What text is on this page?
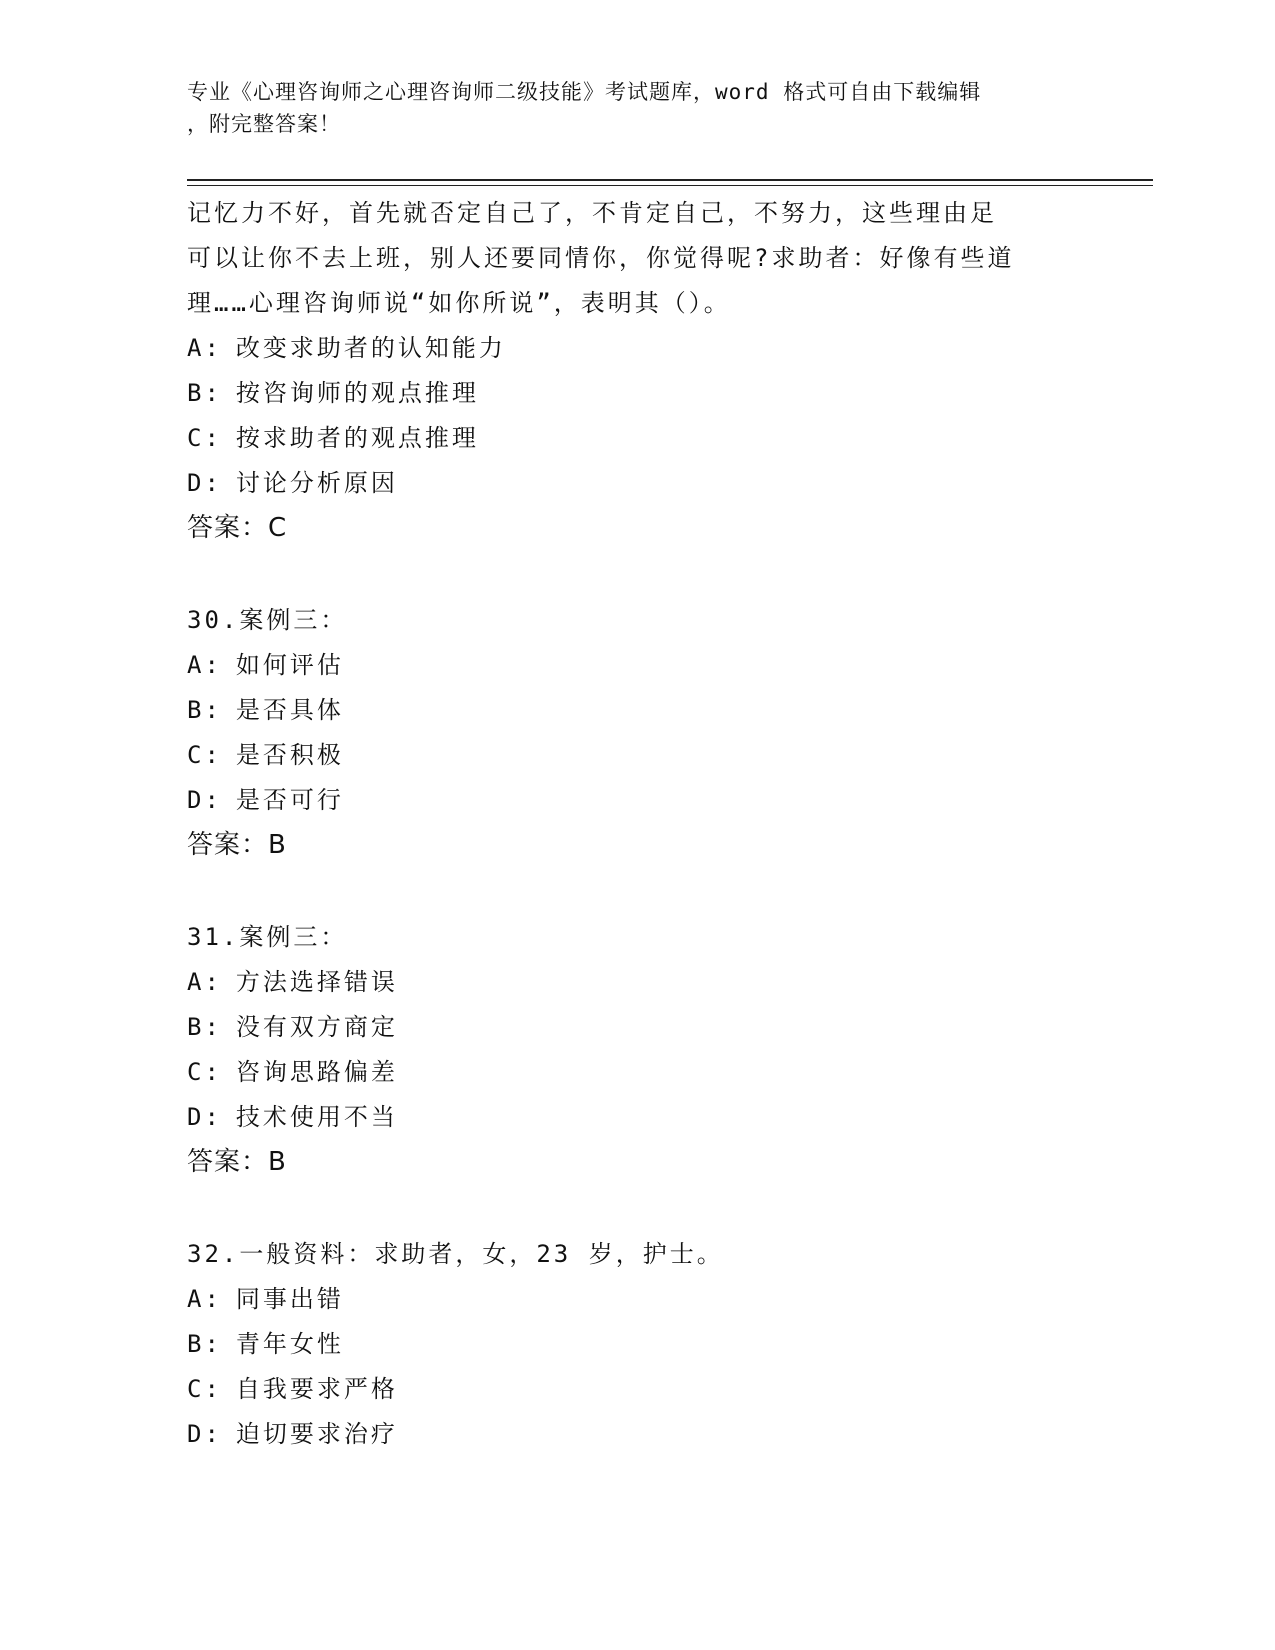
专业《心理咨询师之心理咨询师二级技能》考试题库，word 格式可自由下载编辑
，附完整答案！
记忆力不好，首先就否定自己了，不肯定自己，不努力，这些理由足
可以让你不去上班，别人还要同情你，你觉得呢?求助者：好像有些道
理……心理咨询师说“如你所说”，表明其（）。
A: 改变求助者的认知能力
B: 按咨询师的观点推理
C: 按求助者的观点推理
D: 讨论分析原因
答案：C
30.案例三：
A: 如何评估
B: 是否具体
C: 是否积极
D: 是否可行
答案：B
31.案例三：
A: 方法选择错误
B: 没有双方商定
C: 咨询思路偏差
D: 技术使用不当
答案：B
32.一般资料：求助者，女，23 岁，护士。
A: 同事出错
B: 青年女性
C: 自我要求严格
D: 迫切要求治疗
